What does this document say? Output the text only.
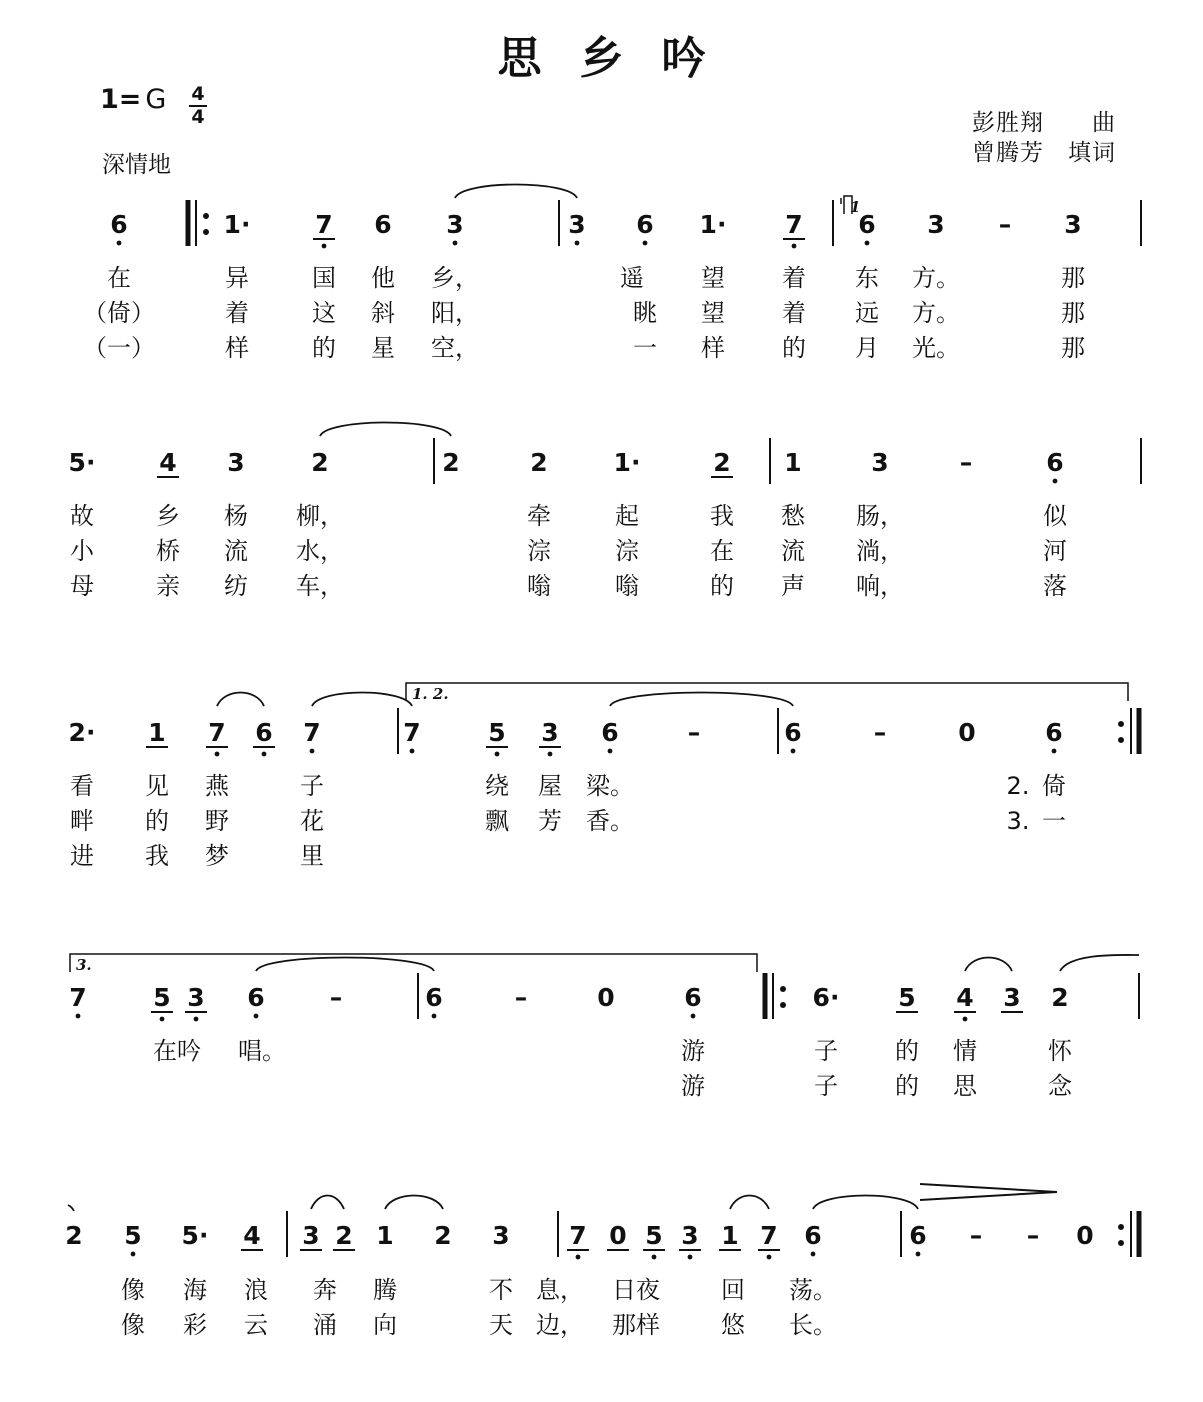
思乡吟
1= G 4
4
深情地
彭胜翔　　曲
曾腾芳　填词
6	1·	7 6 3	3 6 1· 7 6 3 – 3
在	异	国 他 乡，	遥 望 着 东 方。	那
（倚）	着	这 斜 阳，	眺 望 着 远 方。	那
（一）	样	的 星 空，	一 样 的 月 光。	那
5·	4 3	2	2	2	1·	2 1	3	–	6
故	乡 杨 柳，	牵	起	我 愁 肠，	似
小	桥 流 水，	淙	淙	在 流 淌，	河
母	亲 纺 车，	嗡	嗡	的 声 响，	落
2· 1 7 6 7	7	5 3 6	–	6	–	0	6
看 见 燕	子	绕 屋 梁。	2. 倚
畔 的 野	花	飘 芳 香。	3. 一
进 我 梦	里
7	5 3 6	–	6	–	0	6	6· 5 4 3 2
在吟 唱。	游	子 的 情	怀
游	子 的 思	念
2 5 5· 4 3 2 1 2 3 7 0 5 3 1 7 6	6 – – 0
像 海 浪 奔 腾	不 息， 日夜	回 荡。
像 彩 云 涌 向	天 边， 那样	悠 长。
1
1. 2.
3.
